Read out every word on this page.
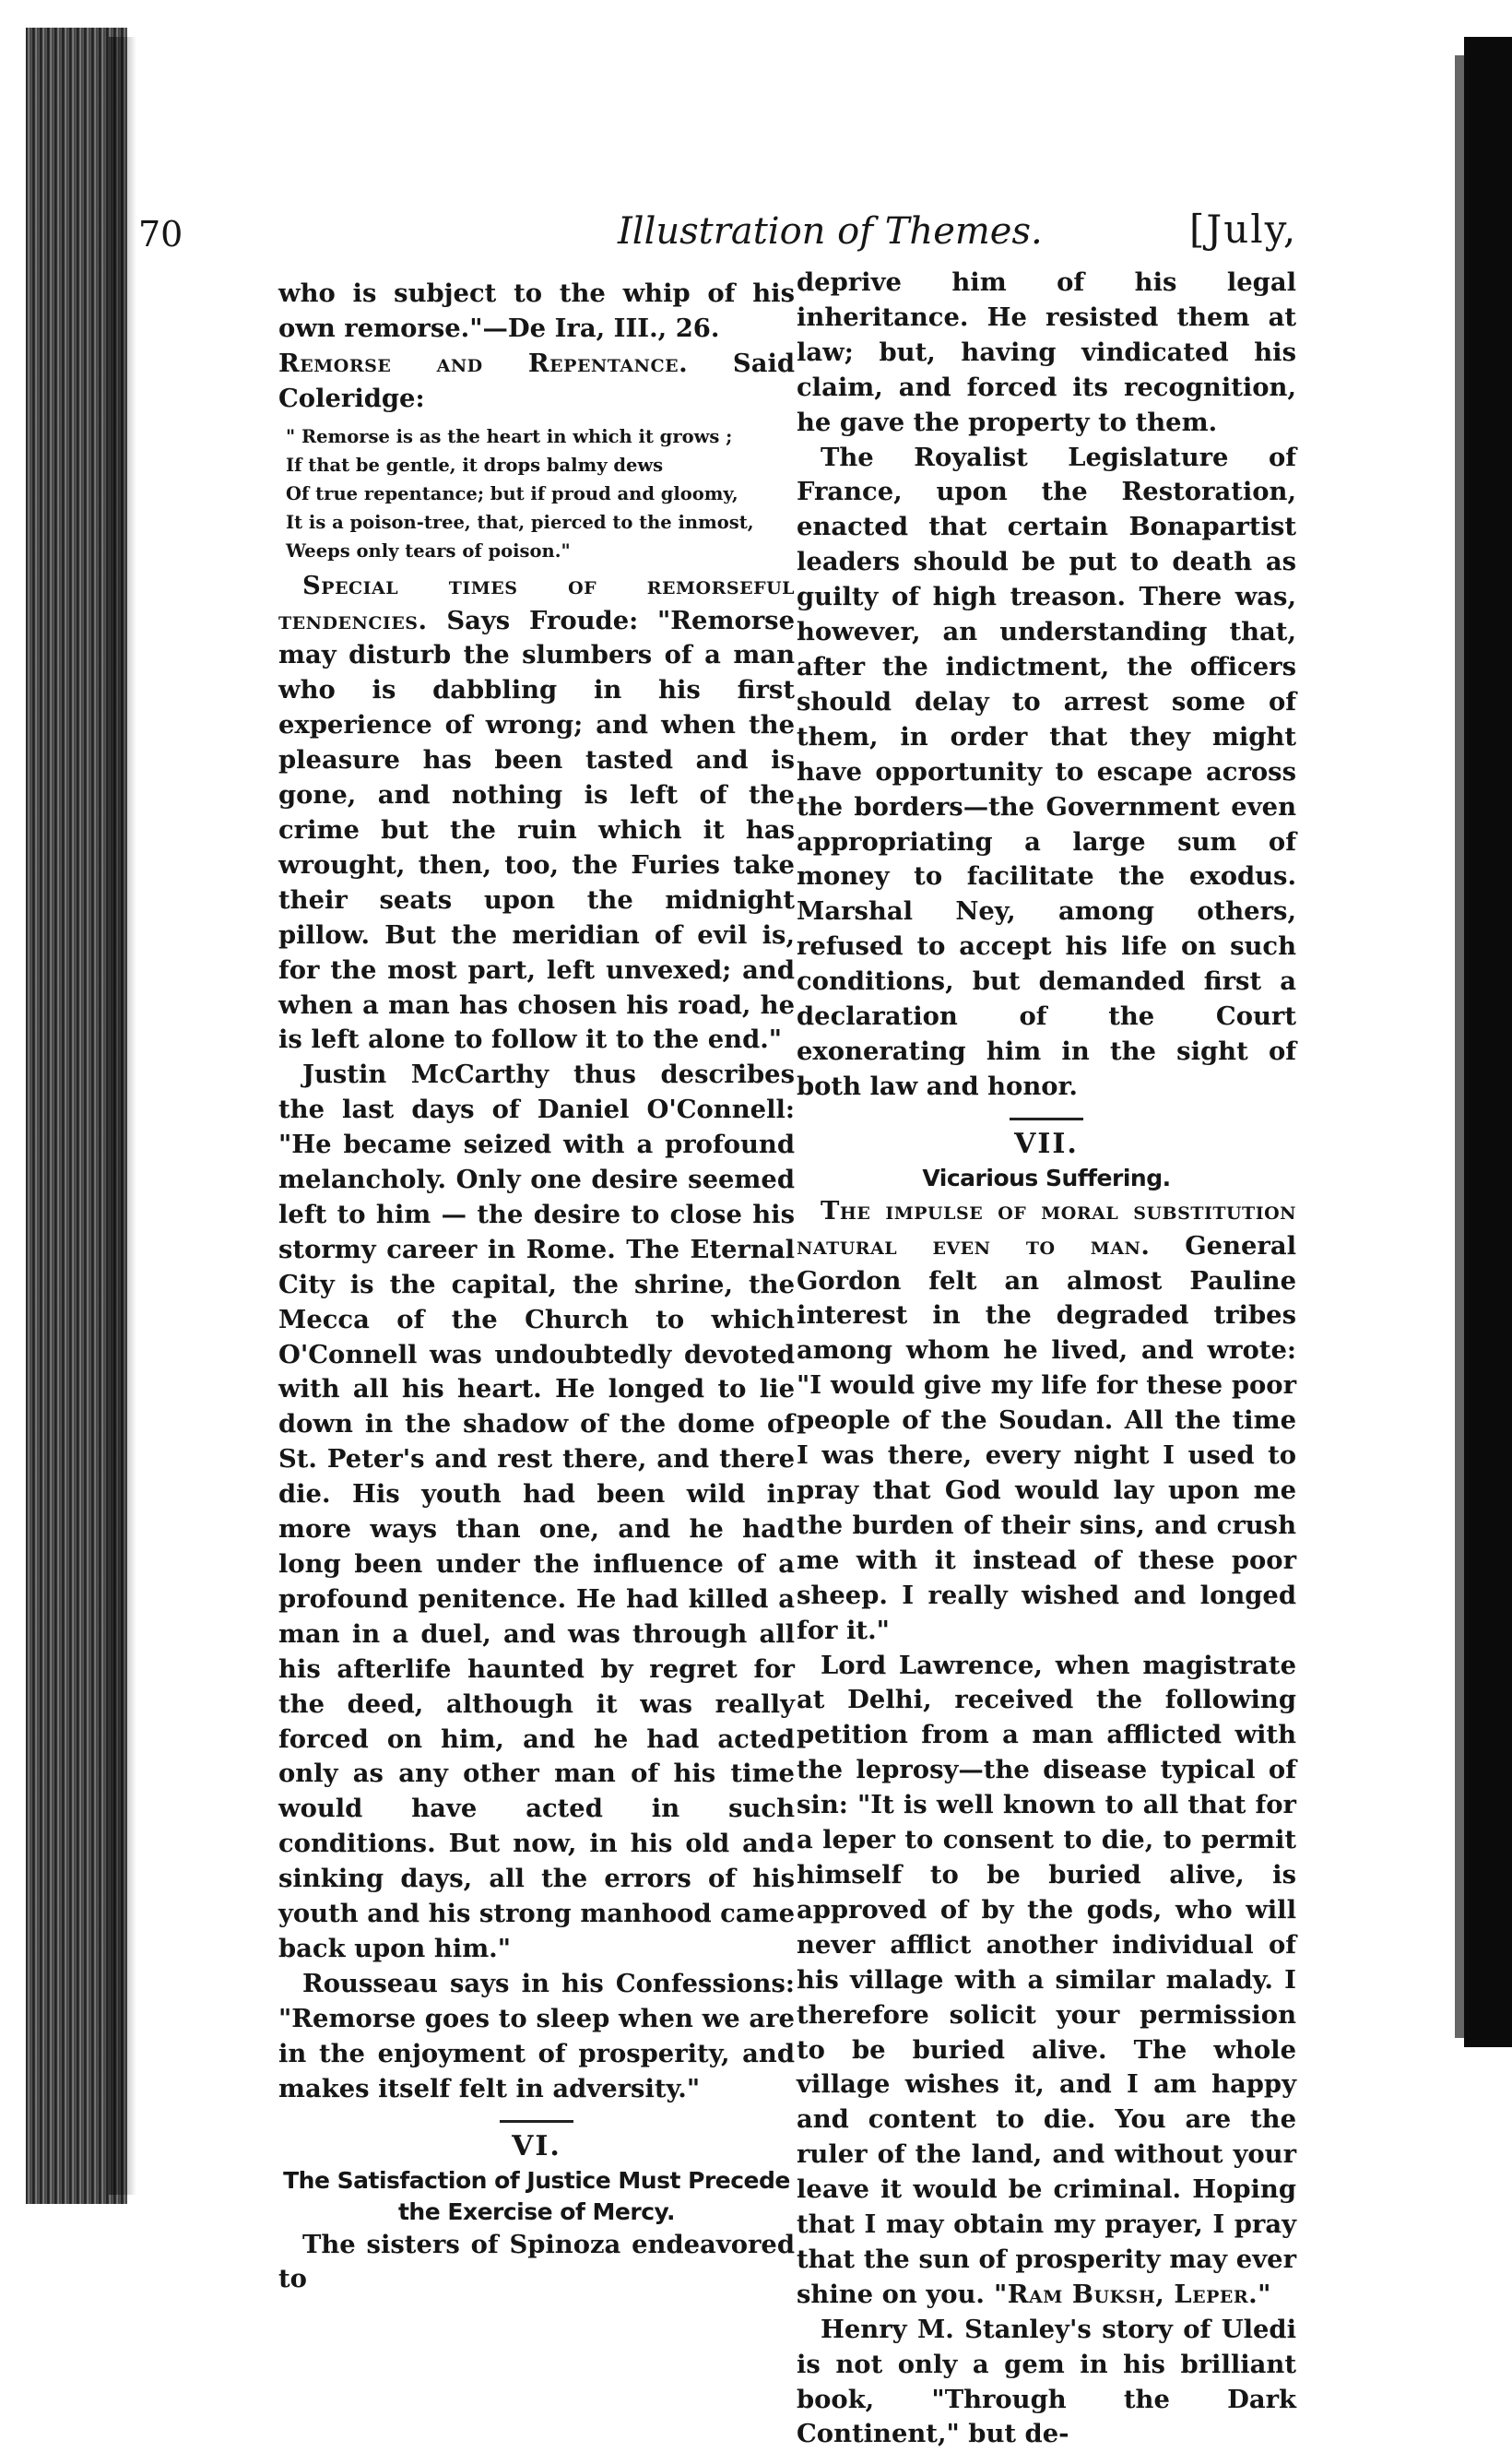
70	Illustration of Themes.	[July,

who is subject to the whip of his own remorse."—De Ira, III., 26.

Remorse and Repentance. Said Coleridge:

" Remorse is as the heart in which it grows ;
If that be gentle, it drops balmy dews
Of true repentance; but if proud and gloomy,
It is a poison-tree, that, pierced to the inmost,
Weeps only tears of poison."

Special times of remorseful tendencies. Says Froude: "Remorse may disturb the slumbers of a man who is dabbling in his first experience of wrong; and when the pleasure has been tasted and is gone, and nothing is left of the crime but the ruin which it has wrought, then, too, the Furies take their seats upon the midnight pillow. But the meridian of evil is, for the most part, left unvexed; and when a man has chosen his road, he is left alone to follow it to the end."

Justin McCarthy thus describes the last days of Daniel O'Connell: "He became seized with a profound melancholy. Only one desire seemed left to him — the desire to close his stormy career in Rome. The Eternal City is the capital, the shrine, the Mecca of the Church to which O'Connell was undoubtedly devoted with all his heart. He longed to lie down in the shadow of the dome of St. Peter's and rest there, and there die. His youth had been wild in more ways than one, and he had long been under the influence of a profound penitence. He had killed a man in a duel, and was through all his afterlife haunted by regret for the deed, although it was really forced on him, and he had acted only as any other man of his time would have acted in such conditions. But now, in his old and sinking days, all the errors of his youth and his strong manhood came back upon him."

Rousseau says in his Confessions: "Remorse goes to sleep when we are in the enjoyment of prosperity, and makes itself felt in adversity."

VI.
The Satisfaction of Justice Must Precede the Exercise of Mercy.

The sisters of Spinoza endeavored to

deprive him of his legal inheritance. He resisted them at law; but, having vindicated his claim, and forced its recognition, he gave the property to them.

The Royalist Legislature of France, upon the Restoration, enacted that certain Bonapartist leaders should be put to death as guilty of high treason. There was, however, an understanding that, after the indictment, the officers should delay to arrest some of them, in order that they might have opportunity to escape across the borders—the Government even appropriating a large sum of money to facilitate the exodus. Marshal Ney, among others, refused to accept his life on such conditions, but demanded first a declaration of the Court exonerating him in the sight of both law and honor.

VII.
Vicarious Suffering.

The impulse of moral substitution natural even to man. General Gordon felt an almost Pauline interest in the degraded tribes among whom he lived, and wrote: "I would give my life for these poor people of the Soudan. All the time I was there, every night I used to pray that God would lay upon me the burden of their sins, and crush me with it instead of these poor sheep. I really wished and longed for it."

Lord Lawrence, when magistrate at Delhi, received the following petition from a man afflicted with the leprosy—the disease typical of sin: "It is well known to all that for a leper to consent to die, to permit himself to be buried alive, is approved of by the gods, who will never afflict another individual of his village with a similar malady. I therefore solicit your permission to be buried alive. The whole village wishes it, and I am happy and content to die. You are the ruler of the land, and without your leave it would be criminal. Hoping that I may obtain my prayer, I pray that the sun of prosperity may ever shine on you. "Ram Buksh, Leper."

Henry M. Stanley's story of Uledi is not only a gem in his brilliant book, "Through the Dark Continent," but de-
